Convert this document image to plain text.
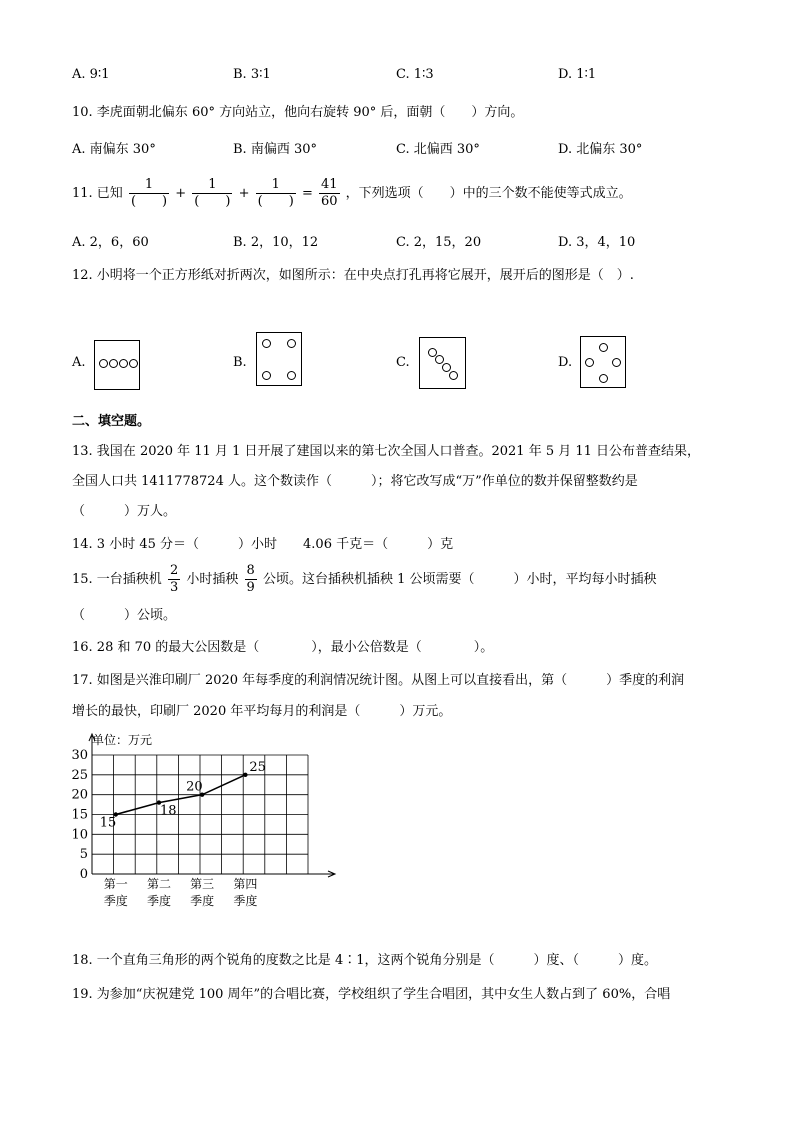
A. 9∶1	B. 3∶1	C. 1∶3	D. 1∶1
10. 李虎面朝北偏东 60° 方向站立，他向右旋转 90° 后，面朝（　　）方向。
A. 南偏东 30°	B. 南偏西 30°	C. 北偏西 30°	D. 北偏东 30°
11. 已知 $\frac{1}{( )} + \frac{1}{( )} + \frac{1}{( )} = \frac{41}{60}$ ，下列选项（　　）中的三个数不能使等式成立。
A. 2，6，60	B. 2，10，12	C. 2，15，20	D. 3，4，10
12. 小明将一个正方形纸对折两次，如图所示：在中央点打孔再将它展开，展开后的图形是（　）.
A.	B.	C.	D.
二、填空题。
13. 我国在 2020 年 11 月 1 日开展了建国以来的第七次全国人口普查。2021 年 5 月 11 日公布普查结果，
全国人口共 1411778724 人。这个数读作（　　　）；将它改写成“万”作单位的数并保留整数约是
（　　　）万人。
14. 3 小时 45 分＝（　　　）小时　　4.06 千克＝（　　　）克
15. 一台插秧机 $\frac{2}{3}$ 小时插秧 $\frac{8}{9}$ 公顷。这台插秧机插秧 1 公顷需要（　　　）小时，平均每小时插秧
（　　　）公顷。
16. 28 和 70 的最大公因数是（　　　　），最小公倍数是（　　　　）。
17. 如图是兴淮印刷厂 2020 年每季度的利润情况统计图。从图上可以直接看出，第（　　　）季度的利润
增长的最快，印刷厂 2020 年平均每月的利润是（　　　）万元。
0
5
10
15
20
25
30
15
18
20
25
第一
季度
第二
季度
第三
季度
第四
季度
单位：万元
18. 一个直角三角形的两个锐角的度数之比是 4∶1，这两个锐角分别是（　　　）度、（　　　）度。
19. 为参加“庆祝建党 100 周年”的合唱比赛，学校组织了学生合唱团，其中女生人数占到了 60%，合唱
